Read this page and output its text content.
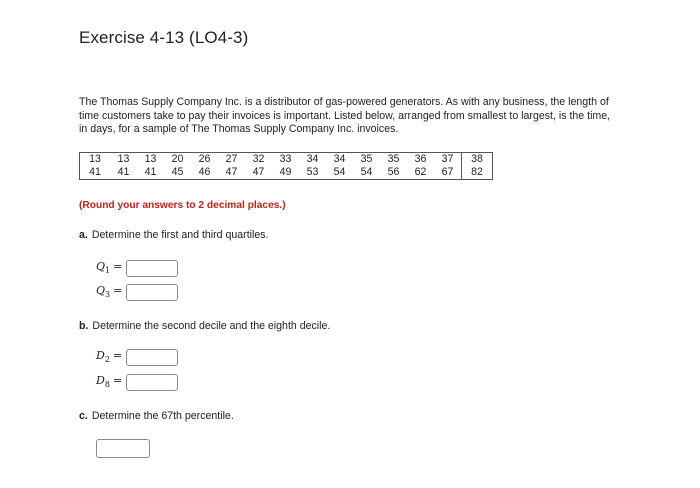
Exercise 4-13 (LO4-3)
The Thomas Supply Company Inc. is a distributor of gas-powered generators. As with any business, the length of time customers take to pay their invoices is important. Listed below, arranged from smallest to largest, is the time, in days, for a sample of The Thomas Supply Company Inc. invoices.
13	13	13	20	26	27	32	33	34	34	35	35	36	37	38
41	41	41	45	46	47	47	49	53	54	54	56	62	67	82
(Round your answers to 2 decimal places.)
a. Determine the first and third quartiles.
$Q_1$ =
$Q_3$ =
b. Determine the second decile and the eighth decile.
$D_2$ =
$D_8$ =
c. Determine the 67th percentile.
